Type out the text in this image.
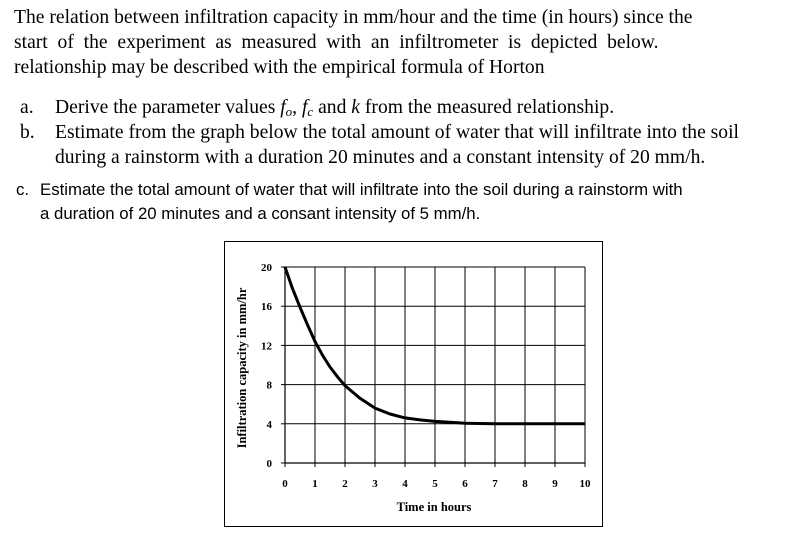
The relation between infiltration capacity in mm/hour and the time (in hours) since the
start  of  the  experiment  as  measured  with  an  infiltrometer  is  depicted  below.
relationship may be described with the empirical formula of Horton

a. Derive the parameter values fo, fc and k from the measured relationship.
b. Estimate from the graph below the total amount of water that will infiltrate into the soil
during a rainstorm with a duration 20 minutes and a constant intensity of 20 mm/h.
c. Estimate the total amount of water that will infiltrate into the soil during a rainstorm with
a duration of 20 minutes and a consant intensity of 5 mm/h.
0 1 2 3 4 5 6 7 8 9 10
0
4
8
12
16
20
Time in hours
Infiltration capacity in mm/hr
